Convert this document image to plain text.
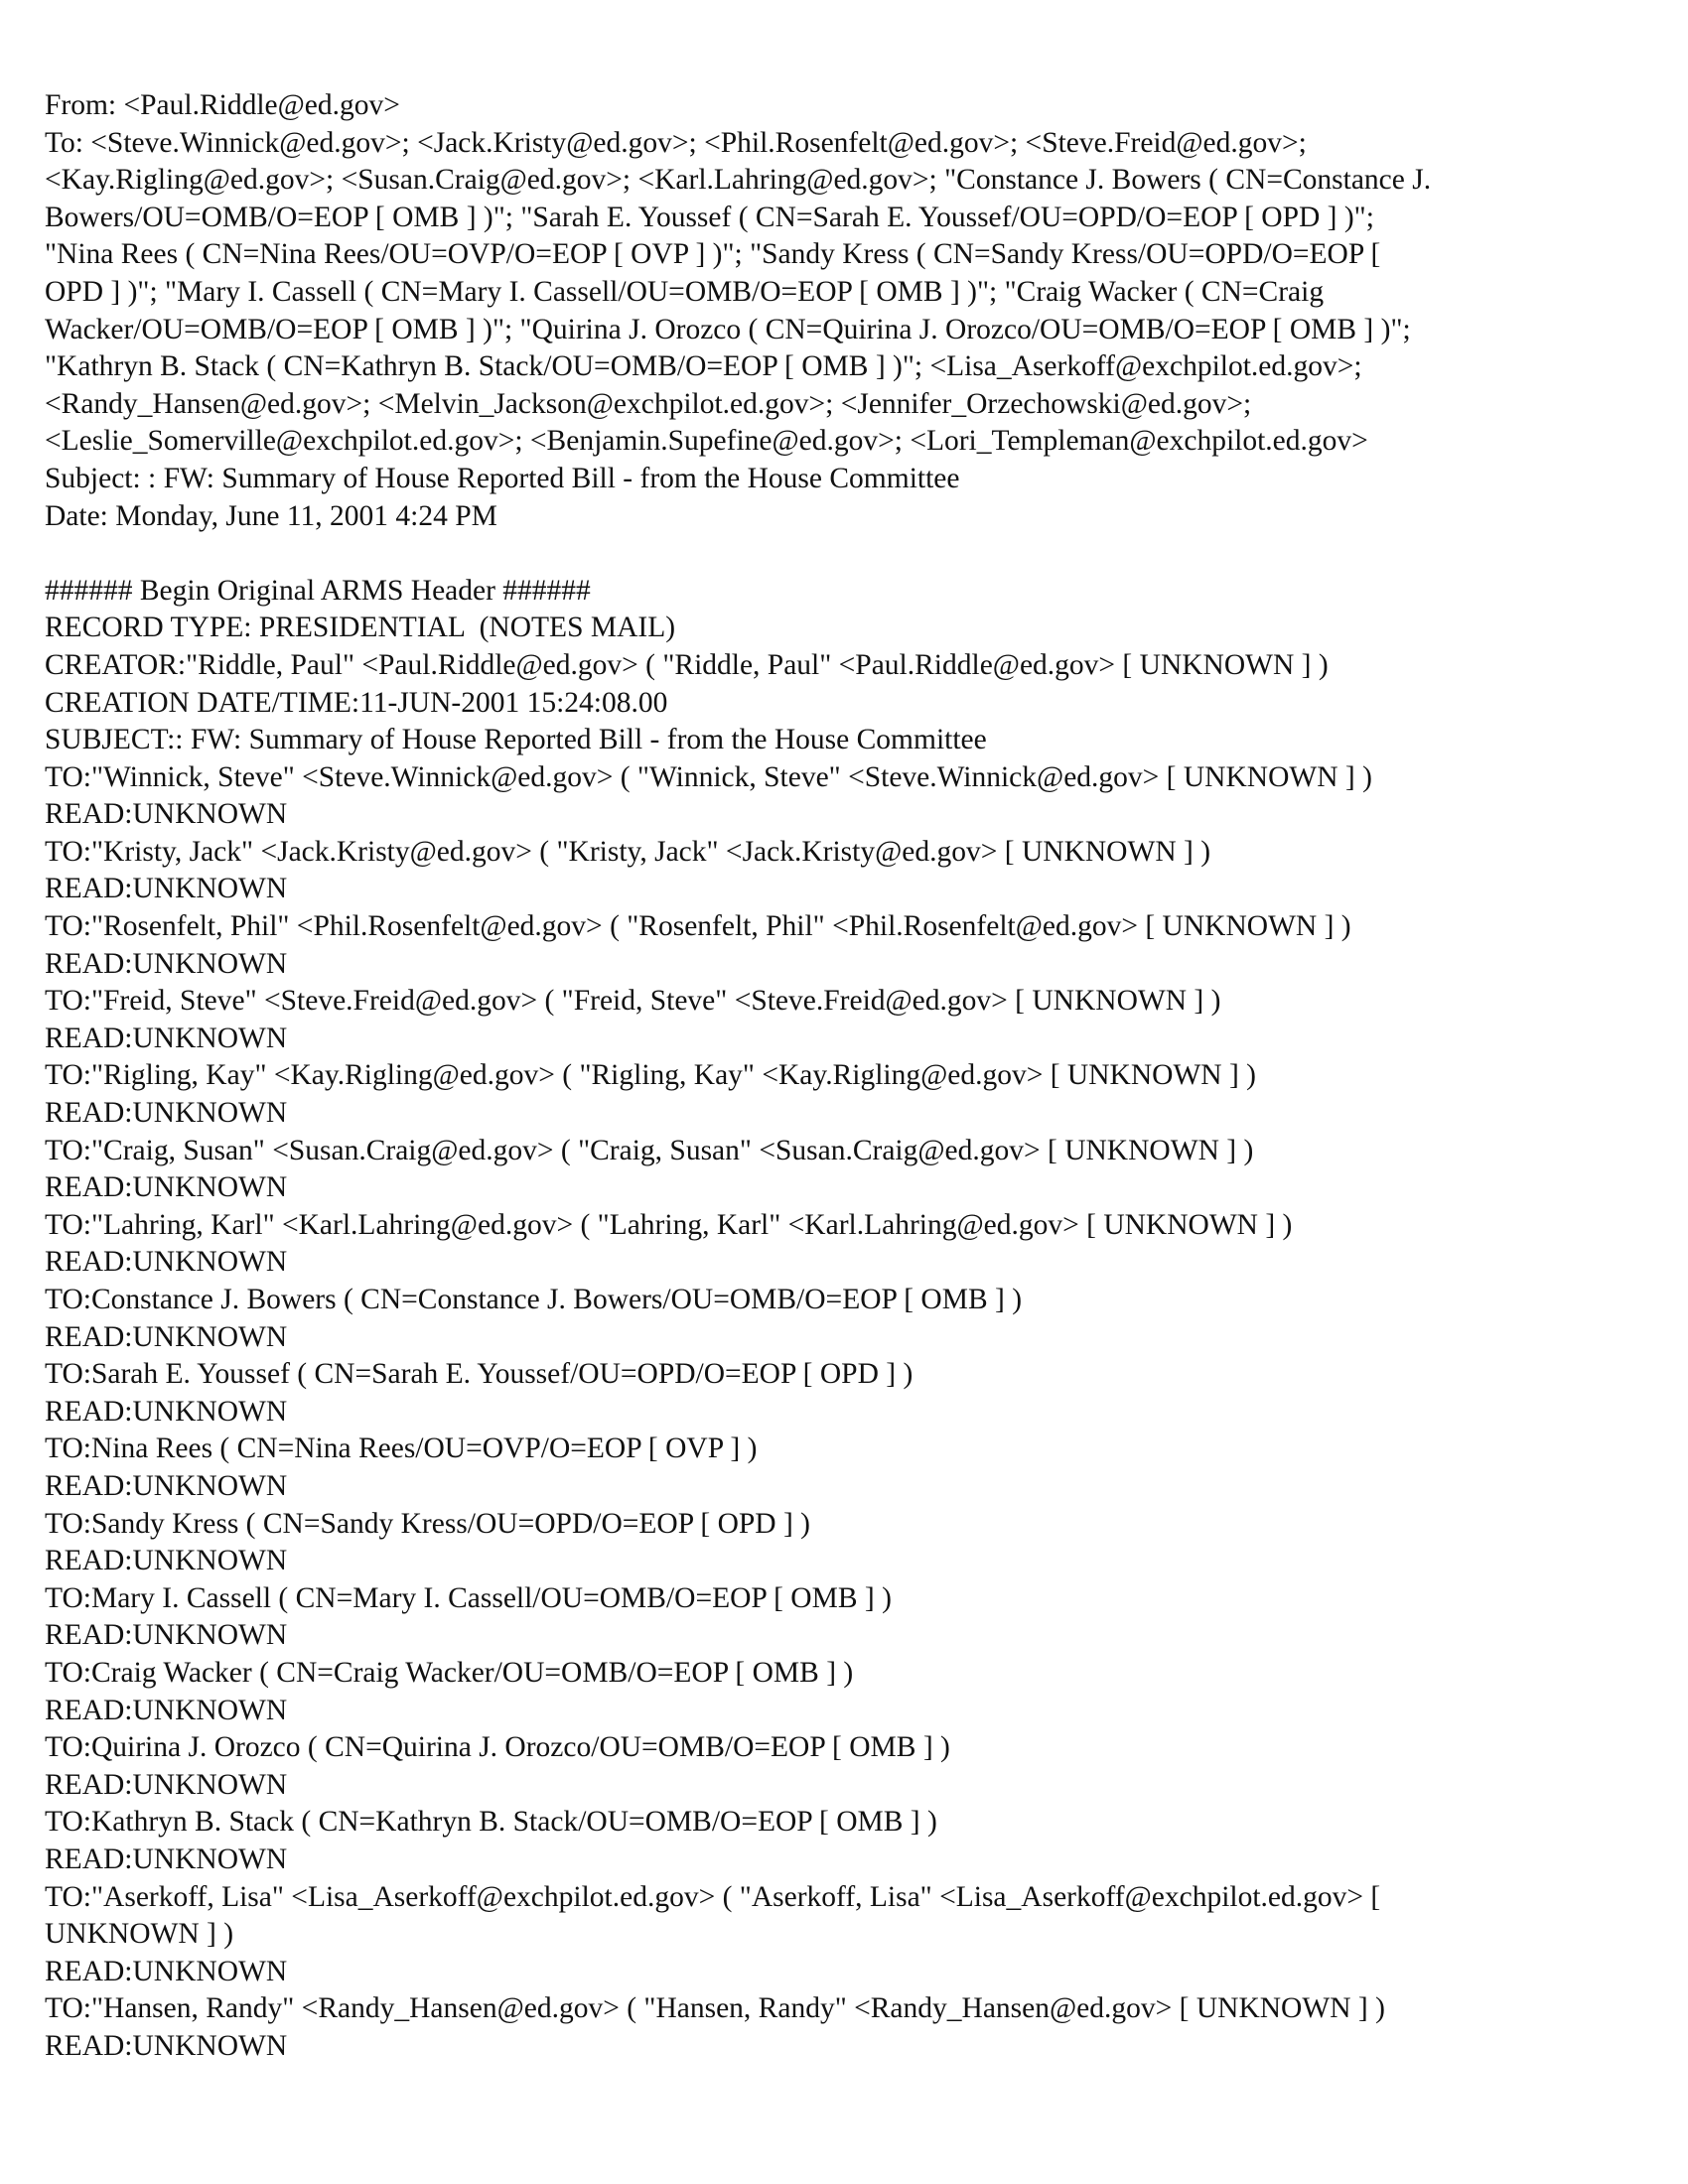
From: <Paul.Riddle@ed.gov>
To: <Steve.Winnick@ed.gov>; <Jack.Kristy@ed.gov>; <Phil.Rosenfelt@ed.gov>; <Steve.Freid@ed.gov>;
<Kay.Rigling@ed.gov>; <Susan.Craig@ed.gov>; <Karl.Lahring@ed.gov>; "Constance J. Bowers ( CN=Constance J.
Bowers/OU=OMB/O=EOP [ OMB ] )"; "Sarah E. Youssef ( CN=Sarah E. Youssef/OU=OPD/O=EOP [ OPD ] )";
"Nina Rees ( CN=Nina Rees/OU=OVP/O=EOP [ OVP ] )"; "Sandy Kress ( CN=Sandy Kress/OU=OPD/O=EOP [
OPD ] )"; "Mary I. Cassell ( CN=Mary I. Cassell/OU=OMB/O=EOP [ OMB ] )"; "Craig Wacker ( CN=Craig
Wacker/OU=OMB/O=EOP [ OMB ] )"; "Quirina J. Orozco ( CN=Quirina J. Orozco/OU=OMB/O=EOP [ OMB ] )";
"Kathryn B. Stack ( CN=Kathryn B. Stack/OU=OMB/O=EOP [ OMB ] )"; <Lisa_Aserkoff@exchpilot.ed.gov>;
<Randy_Hansen@ed.gov>; <Melvin_Jackson@exchpilot.ed.gov>; <Jennifer_Orzechowski@ed.gov>;
<Leslie_Somerville@exchpilot.ed.gov>; <Benjamin.Supefine@ed.gov>; <Lori_Templeman@exchpilot.ed.gov>
Subject: : FW: Summary of House Reported Bill - from the House Committee
Date: Monday, June 11, 2001 4:24 PM
###### Begin Original ARMS Header ######
RECORD TYPE: PRESIDENTIAL  (NOTES MAIL)
CREATOR:"Riddle, Paul" <Paul.Riddle@ed.gov> ( "Riddle, Paul" <Paul.Riddle@ed.gov> [ UNKNOWN ] )
CREATION DATE/TIME:11-JUN-2001 15:24:08.00
SUBJECT:: FW: Summary of House Reported Bill - from the House Committee
TO:"Winnick, Steve" <Steve.Winnick@ed.gov> ( "Winnick, Steve" <Steve.Winnick@ed.gov> [ UNKNOWN ] )
READ:UNKNOWN
TO:"Kristy, Jack" <Jack.Kristy@ed.gov> ( "Kristy, Jack" <Jack.Kristy@ed.gov> [ UNKNOWN ] )
READ:UNKNOWN
TO:"Rosenfelt, Phil" <Phil.Rosenfelt@ed.gov> ( "Rosenfelt, Phil" <Phil.Rosenfelt@ed.gov> [ UNKNOWN ] )
READ:UNKNOWN
TO:"Freid, Steve" <Steve.Freid@ed.gov> ( "Freid, Steve" <Steve.Freid@ed.gov> [ UNKNOWN ] )
READ:UNKNOWN
TO:"Rigling, Kay" <Kay.Rigling@ed.gov> ( "Rigling, Kay" <Kay.Rigling@ed.gov> [ UNKNOWN ] )
READ:UNKNOWN
TO:"Craig, Susan" <Susan.Craig@ed.gov> ( "Craig, Susan" <Susan.Craig@ed.gov> [ UNKNOWN ] )
READ:UNKNOWN
TO:"Lahring, Karl" <Karl.Lahring@ed.gov> ( "Lahring, Karl" <Karl.Lahring@ed.gov> [ UNKNOWN ] )
READ:UNKNOWN
TO:Constance J. Bowers ( CN=Constance J. Bowers/OU=OMB/O=EOP [ OMB ] )
READ:UNKNOWN
TO:Sarah E. Youssef ( CN=Sarah E. Youssef/OU=OPD/O=EOP [ OPD ] )
READ:UNKNOWN
TO:Nina Rees ( CN=Nina Rees/OU=OVP/O=EOP [ OVP ] )
READ:UNKNOWN
TO:Sandy Kress ( CN=Sandy Kress/OU=OPD/O=EOP [ OPD ] )
READ:UNKNOWN
TO:Mary I. Cassell ( CN=Mary I. Cassell/OU=OMB/O=EOP [ OMB ] )
READ:UNKNOWN
TO:Craig Wacker ( CN=Craig Wacker/OU=OMB/O=EOP [ OMB ] )
READ:UNKNOWN
TO:Quirina J. Orozco ( CN=Quirina J. Orozco/OU=OMB/O=EOP [ OMB ] )
READ:UNKNOWN
TO:Kathryn B. Stack ( CN=Kathryn B. Stack/OU=OMB/O=EOP [ OMB ] )
READ:UNKNOWN
TO:"Aserkoff, Lisa" <Lisa_Aserkoff@exchpilot.ed.gov> ( "Aserkoff, Lisa" <Lisa_Aserkoff@exchpilot.ed.gov> [
UNKNOWN ] )
READ:UNKNOWN
TO:"Hansen, Randy" <Randy_Hansen@ed.gov> ( "Hansen, Randy" <Randy_Hansen@ed.gov> [ UNKNOWN ] )
READ:UNKNOWN
